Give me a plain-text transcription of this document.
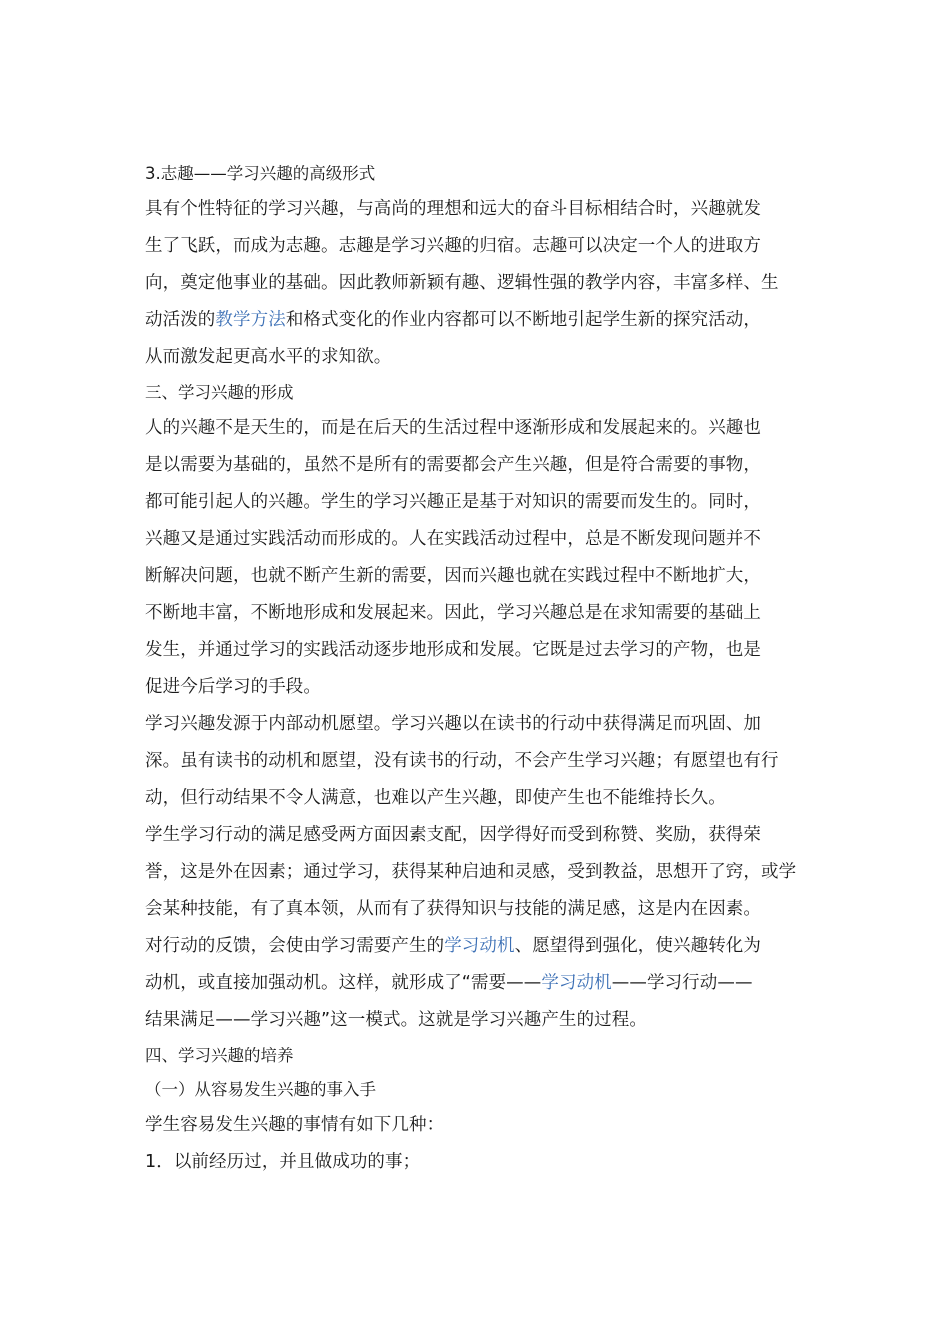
3.志趣——学习兴趣的高级形式
具有个性特征的学习兴趣，与高尚的理想和远大的奋斗目标相结合时，兴趣就发
生了飞跃，而成为志趣。志趣是学习兴趣的归宿。志趣可以决定一个人的进取方
向，奠定他事业的基础。因此教师新颖有趣、逻辑性强的教学内容，丰富多样、生
动活泼的教学方法和格式变化的作业内容都可以不断地引起学生新的探究活动，
从而激发起更高水平的求知欲。
三、学习兴趣的形成
人的兴趣不是天生的，而是在后天的生活过程中逐渐形成和发展起来的。兴趣也
是以需要为基础的，虽然不是所有的需要都会产生兴趣，但是符合需要的事物，
都可能引起人的兴趣。学生的学习兴趣正是基于对知识的需要而发生的。同时，
兴趣又是通过实践活动而形成的。人在实践活动过程中，总是不断发现问题并不
断解决问题，也就不断产生新的需要，因而兴趣也就在实践过程中不断地扩大，
不断地丰富，不断地形成和发展起来。因此，学习兴趣总是在求知需要的基础上
发生，并通过学习的实践活动逐步地形成和发展。它既是过去学习的产物，也是
促进今后学习的手段。
学习兴趣发源于内部动机愿望。学习兴趣以在读书的行动中获得满足而巩固、加
深。虽有读书的动机和愿望，没有读书的行动，不会产生学习兴趣；有愿望也有行
动，但行动结果不令人满意，也难以产生兴趣，即使产生也不能维持长久。
学生学习行动的满足感受两方面因素支配，因学得好而受到称赞、奖励，获得荣
誉，这是外在因素；通过学习，获得某种启迪和灵感，受到教益，思想开了窍，或学
会某种技能，有了真本领，从而有了获得知识与技能的满足感，这是内在因素。
对行动的反馈，会使由学习需要产生的学习动机、愿望得到强化，使兴趣转化为
动机，或直接加强动机。这样，就形成了“需要——学习动机——学习行动——
结果满足——学习兴趣”这一模式。这就是学习兴趣产生的过程。
四、学习兴趣的培养
（一）从容易发生兴趣的事入手
学生容易发生兴趣的事情有如下几种：
1．以前经历过，并且做成功的事；
